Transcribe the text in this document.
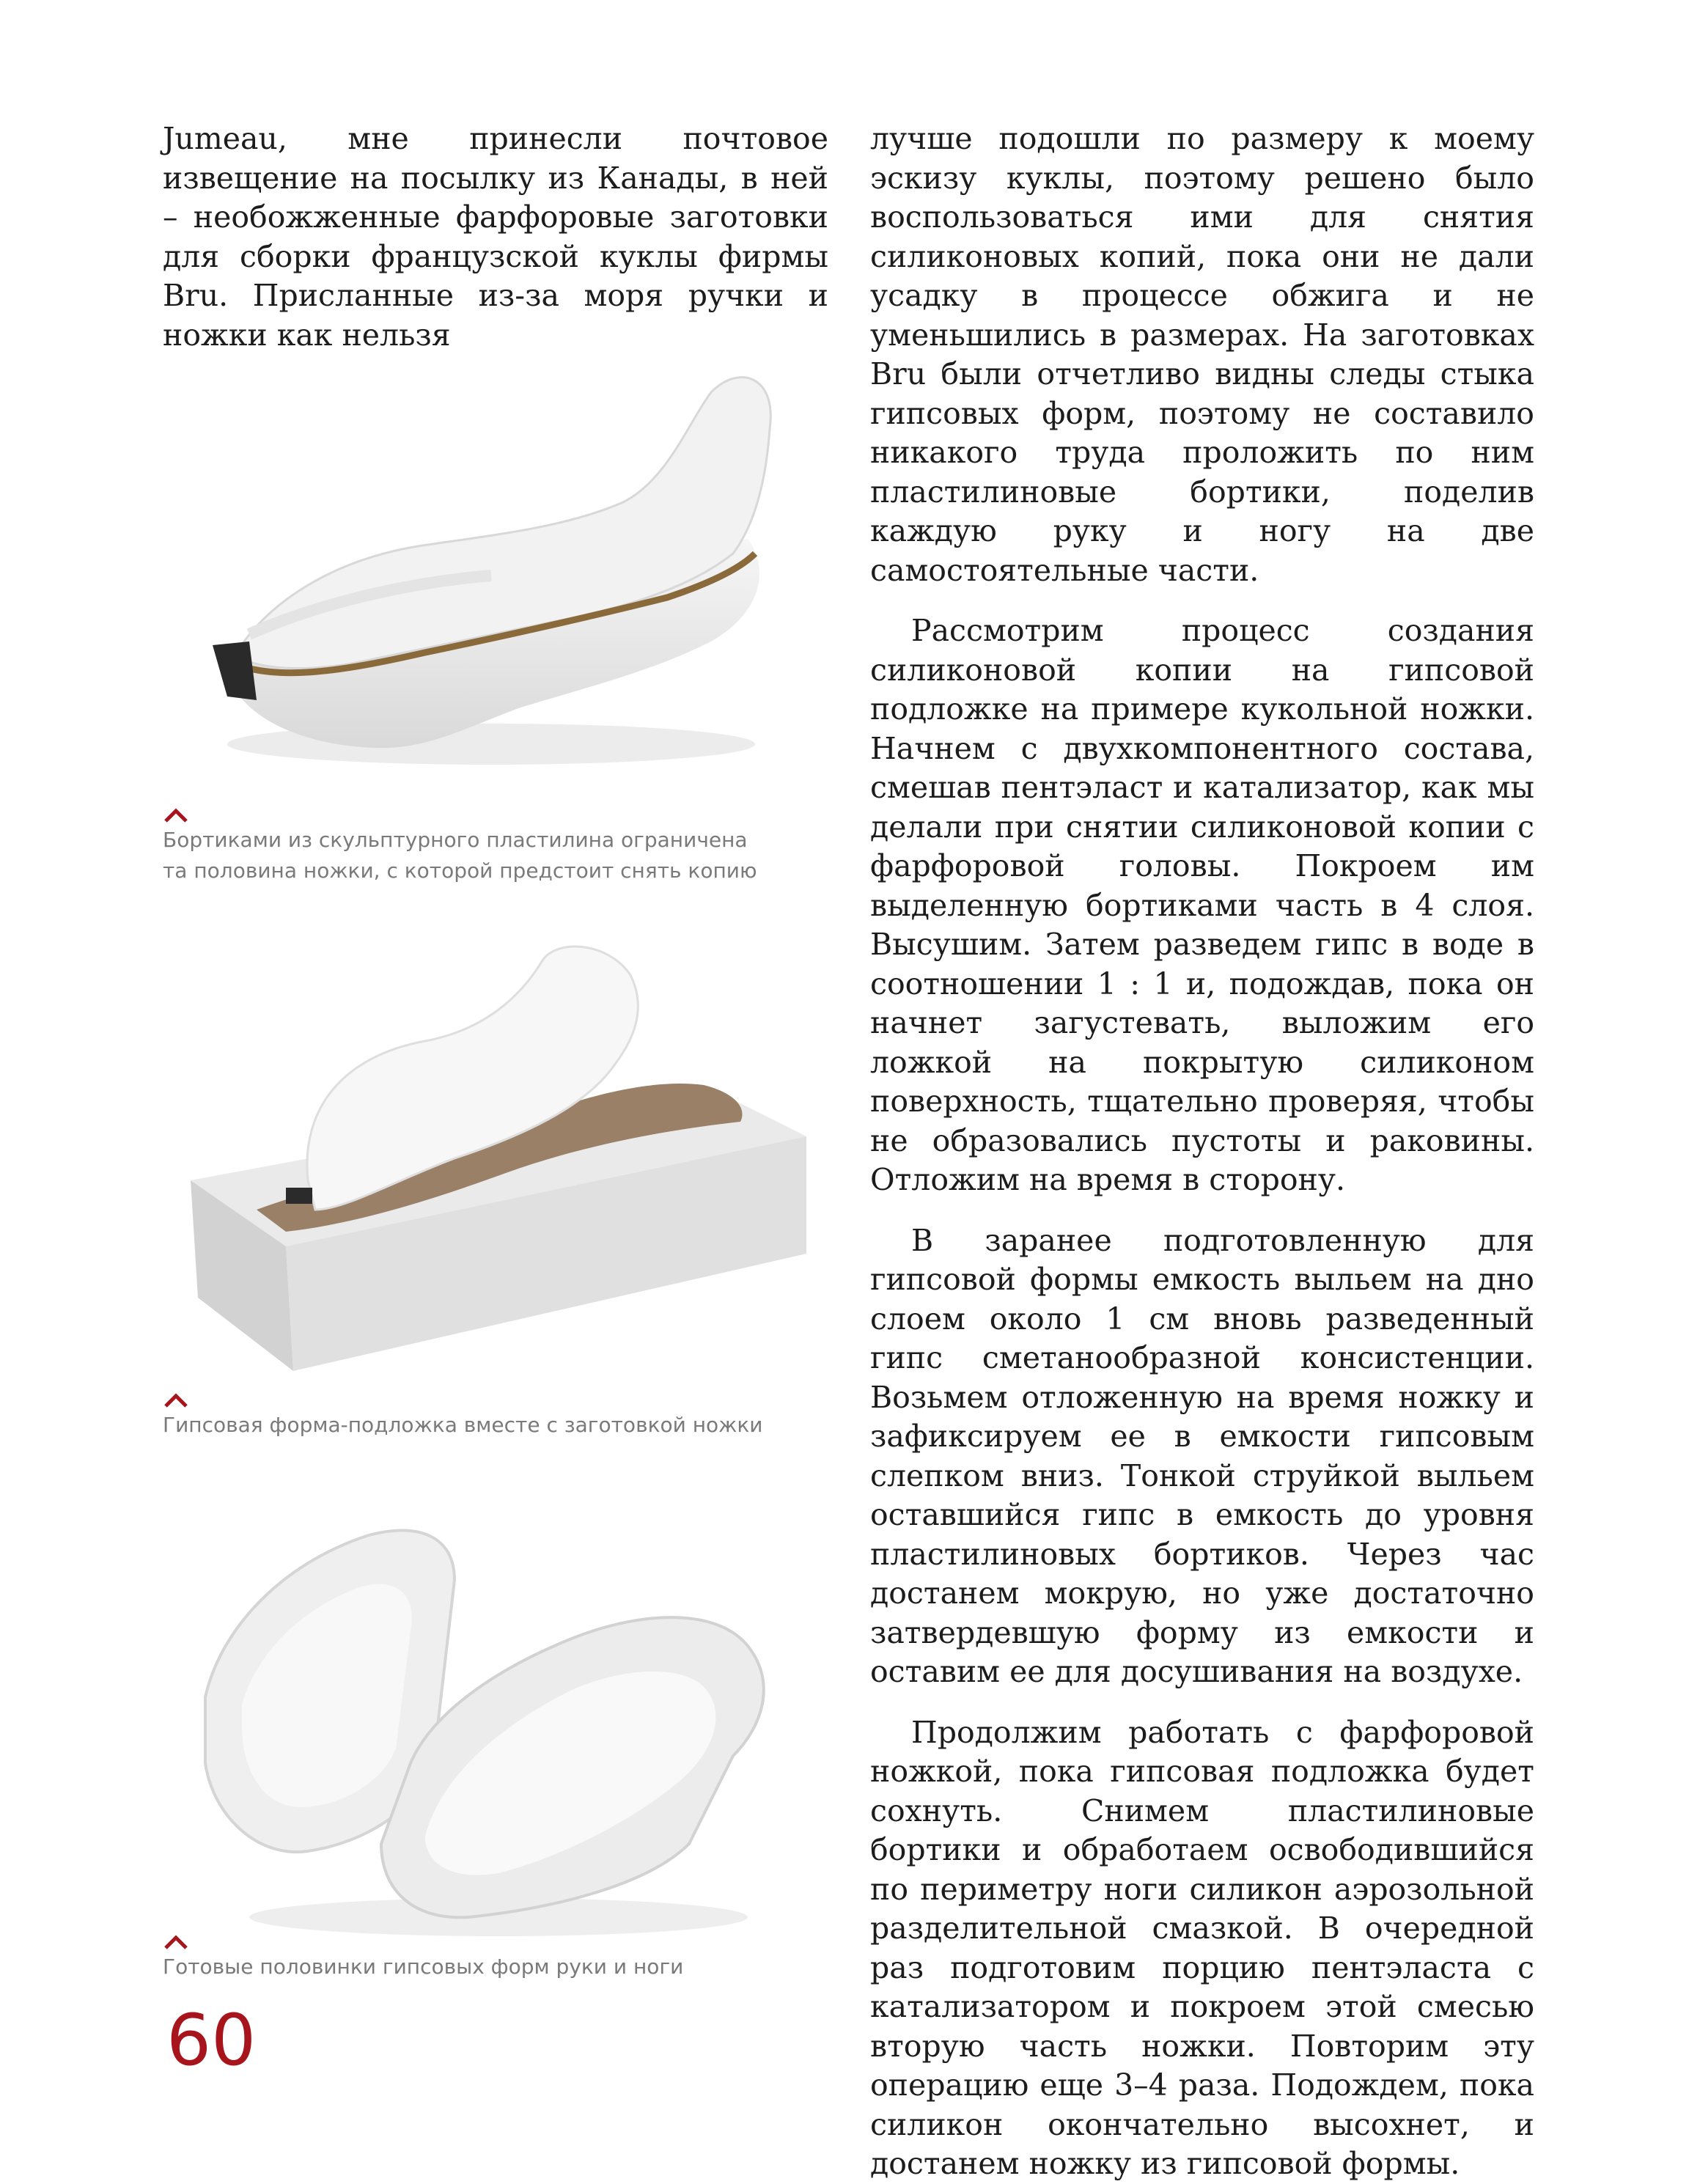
Jumeau, мне принесли почтовое извещение на посылку из Канады, в ней – необожженные фарфоровые заготовки для сборки французской куклы фирмы Bru. Присланные из-за моря ручки и ножки как нельзя

Бортиками из скульптурного пластилина ограничена
та половина ножки, с которой предстоит снять копию
Гипсовая форма-подложка вместе с заготовкой ножки
Готовые половинки гипсовых форм руки и ноги

лучше подошли по размеру к моему эскизу куклы, поэтому решено было воспользоваться ими для снятия силиконовых копий, пока они не дали усадку в процессе обжига и не уменьшились в размерах. На заготовках Bru были отчетливо видны следы стыка гипсовых форм, поэтому не составило никакого труда проложить по ним пластилиновые бортики, поделив каждую руку и ногу на две самостоятельные части.

Рассмотрим процесс создания силиконовой копии на гипсовой подложке на примере кукольной ножки. Начнем с двухкомпонентного состава, смешав пентэласт и катализатор, как мы делали при снятии силиконовой копии с фарфоровой головы. Покроем им выделенную бортиками часть в 4 слоя. Высушим. Затем разведем гипс в воде в соотношении 1 : 1 и, подождав, пока он начнет загустевать, выложим его ложкой на покрытую силиконом поверхность, тщательно проверяя, чтобы не образовались пустоты и раковины. Отложим на время в сторону.

В заранее подготовленную для гипсовой формы емкость выльем на дно слоем около 1 см вновь разведенный гипс сметанообразной консистенции. Возьмем отложенную на время ножку и зафиксируем ее в емкости гипсовым слепком вниз. Тонкой струйкой выльем оставшийся гипс в емкость до уровня пластилиновых бортиков. Через час достанем мокрую, но уже достаточно затвердевшую форму из емкости и оставим ее для досушивания на воздухе.

Продолжим работать с фарфоровой ножкой, пока гипсовая подложка будет сохнуть. Снимем пластилиновые бортики и обработаем освободившийся по периметру ноги силикон аэрозольной разделительной смазкой. В очередной раз подготовим порцию пентэласта с катализатором и покроем этой смесью вторую часть ножки. Повторим эту операцию еще 3–4 раза. Подождем, пока силикон окончательно высохнет, и достанем ножку из гипсовой формы.

60
